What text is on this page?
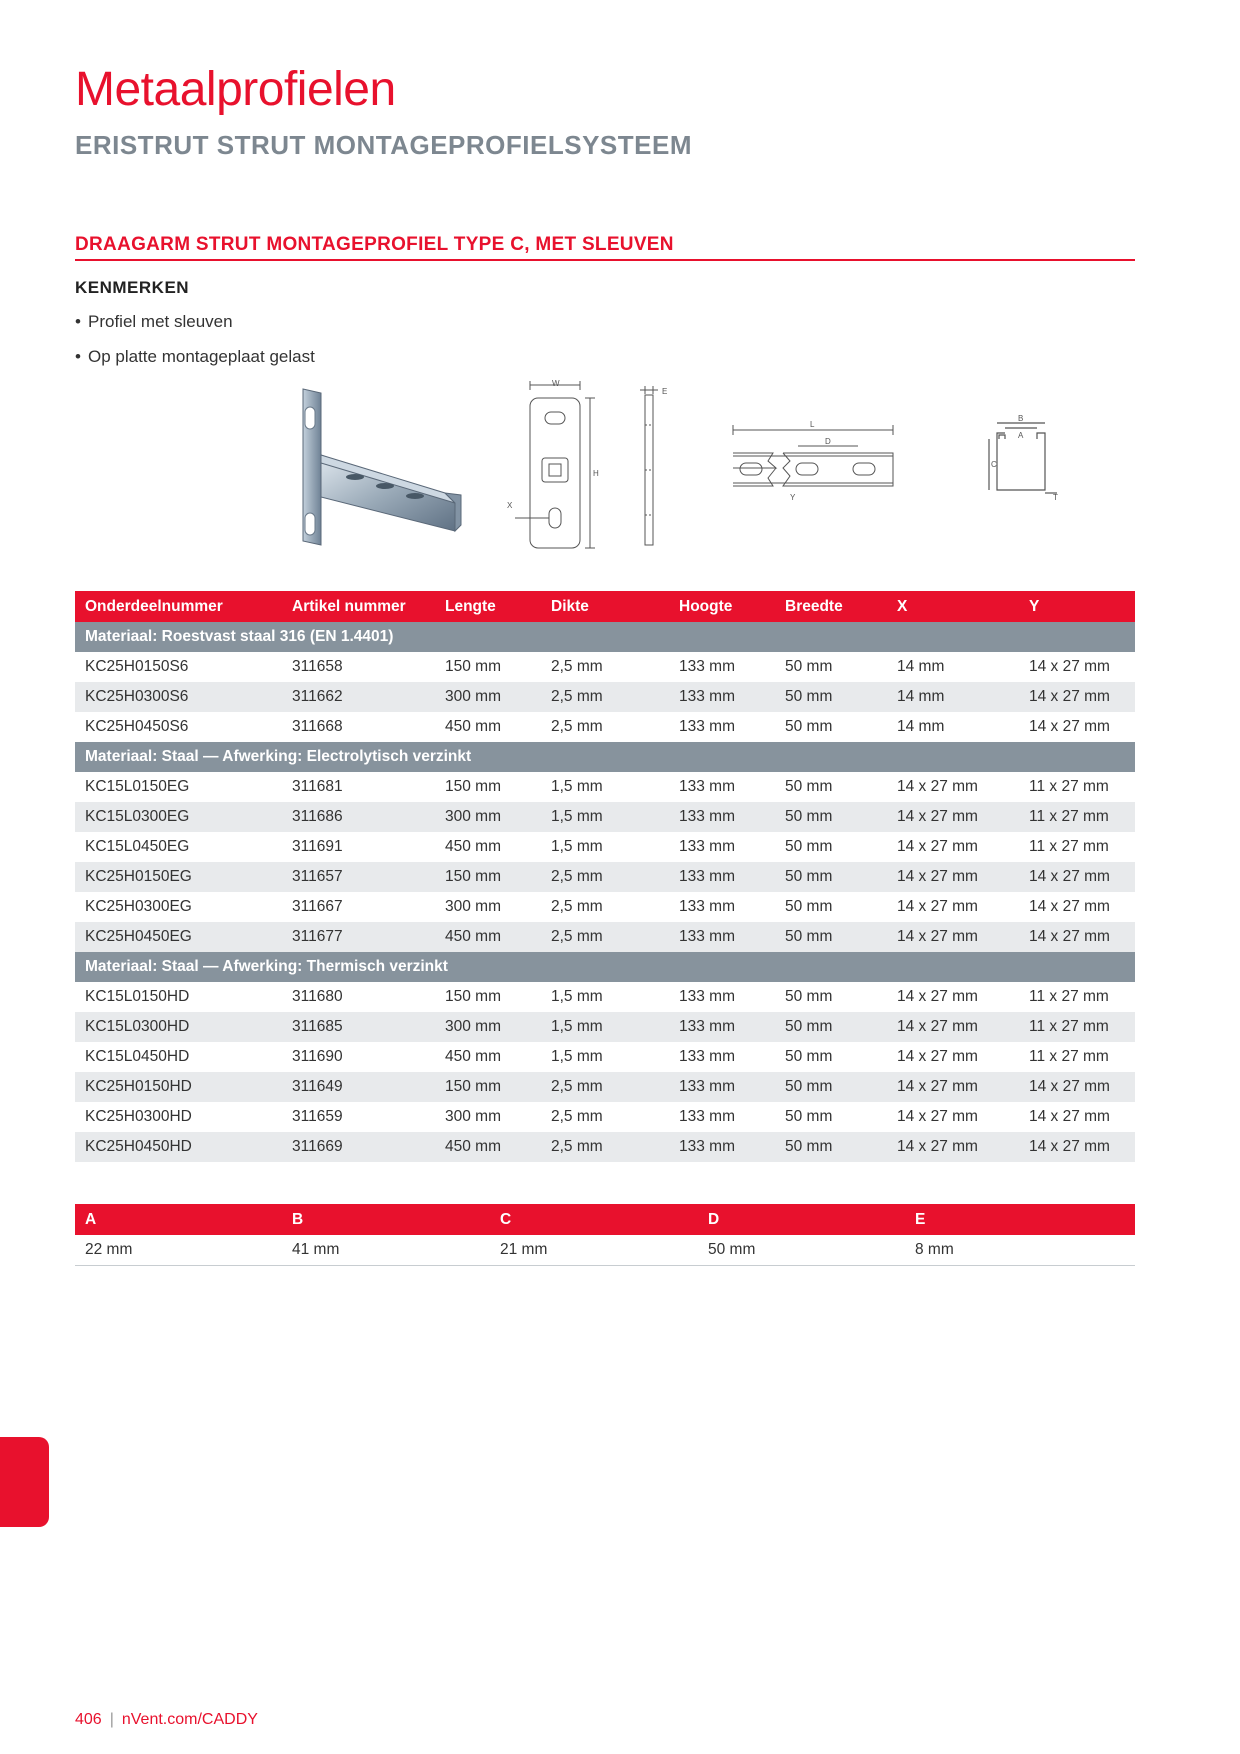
Metaalprofielen
ERISTRUT STRUT MONTAGEPROFIELSYSTEEM
DRAAGARM STRUT MONTAGEPROFIEL TYPE C, MET SLEUVEN
KENMERKEN
• Profiel met sleuven
• Op platte montageplaat gelast
W
H
X
E
L
D
Y
B
A
C
T
Onderdeelnummer	Artikel nummer	Lengte	Dikte	Hoogte	Breedte	X	Y
Materiaal: Roestvast staal 316 (EN 1.4401)							
KC25H0150S6	311658	150 mm	2,5 mm	133 mm	50 mm	14 mm	14 x 27 mm
KC25H0300S6	311662	300 mm	2,5 mm	133 mm	50 mm	14 mm	14 x 27 mm
KC25H0450S6	311668	450 mm	2,5 mm	133 mm	50 mm	14 mm	14 x 27 mm
Materiaal: Staal — Afwerking: Electrolytisch verzinkt							
KC15L0150EG	311681	150 mm	1,5 mm	133 mm	50 mm	14 x 27 mm	11 x 27 mm
KC15L0300EG	311686	300 mm	1,5 mm	133 mm	50 mm	14 x 27 mm	11 x 27 mm
KC15L0450EG	311691	450 mm	1,5 mm	133 mm	50 mm	14 x 27 mm	11 x 27 mm
KC25H0150EG	311657	150 mm	2,5 mm	133 mm	50 mm	14 x 27 mm	14 x 27 mm
KC25H0300EG	311667	300 mm	2,5 mm	133 mm	50 mm	14 x 27 mm	14 x 27 mm
KC25H0450EG	311677	450 mm	2,5 mm	133 mm	50 mm	14 x 27 mm	14 x 27 mm
Materiaal: Staal — Afwerking: Thermisch verzinkt							
KC15L0150HD	311680	150 mm	1,5 mm	133 mm	50 mm	14 x 27 mm	11 x 27 mm
KC15L0300HD	311685	300 mm	1,5 mm	133 mm	50 mm	14 x 27 mm	11 x 27 mm
KC15L0450HD	311690	450 mm	1,5 mm	133 mm	50 mm	14 x 27 mm	11 x 27 mm
KC25H0150HD	311649	150 mm	2,5 mm	133 mm	50 mm	14 x 27 mm	14 x 27 mm
KC25H0300HD	311659	300 mm	2,5 mm	133 mm	50 mm	14 x 27 mm	14 x 27 mm
KC25H0450HD	311669	450 mm	2,5 mm	133 mm	50 mm	14 x 27 mm	14 x 27 mm
A	B	C	D	E
22 mm	41 mm	21 mm	50 mm	8 mm
406 | nVent.com/CADDY
